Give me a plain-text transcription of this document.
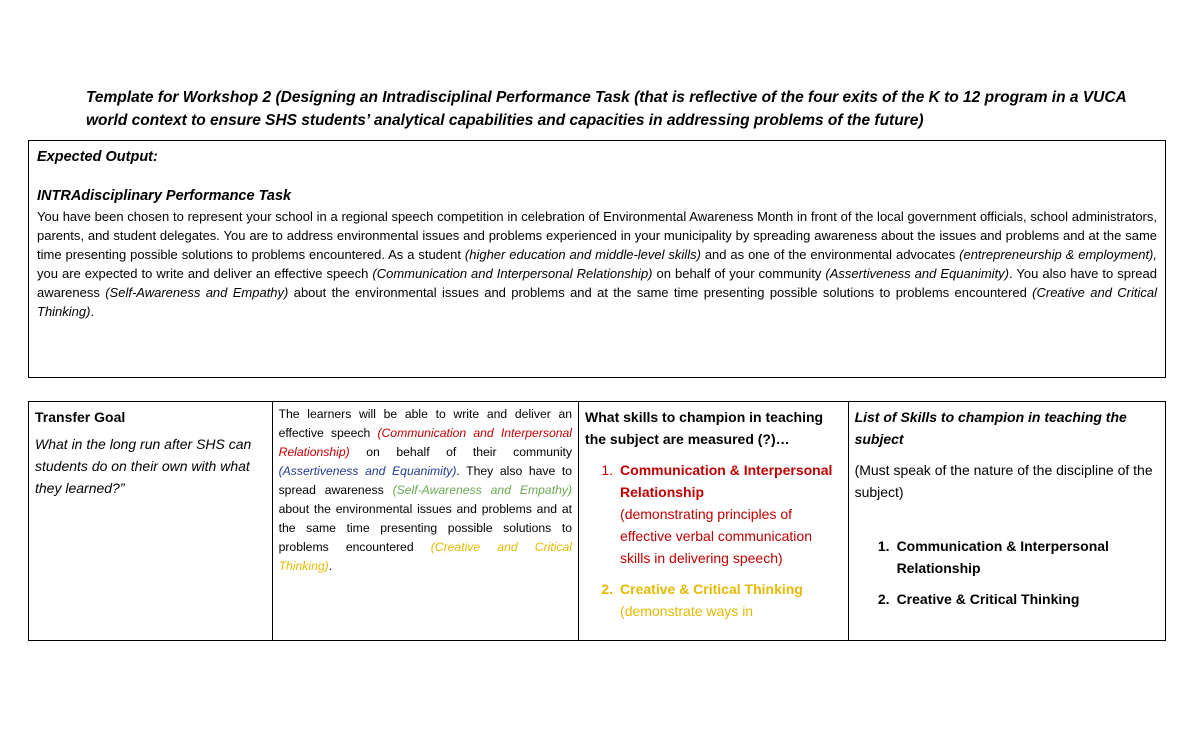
Template for Workshop 2 (Designing an Intradisciplinal Performance Task (that is reflective of the four exits of the K to 12 program in a VUCA world context to ensure SHS students’ analytical capabilities and capacities in addressing problems of the future)
Expected Output:
INTRAdisciplinary Performance Task
You have been chosen to represent your school in a regional speech competition in celebration of Environmental Awareness Month in front of the local government officials, school administrators, parents, and student delegates. You are to address environmental issues and problems experienced in your municipality by spreading awareness about the issues and problems and at the same time presenting possible solutions to problems encountered. As a student (higher education and middle-level skills) and as one of the environmental advocates (entrepreneurship & employment), you are expected to write and deliver an effective speech (Communication and Interpersonal Relationship) on behalf of your community (Assertiveness and Equanimity). You also have to spread awareness (Self-Awareness and Empathy) about the environmental issues and problems and at the same time presenting possible solutions to problems encountered (Creative and Critical Thinking).
Transfer Goal
What in the long run after SHS can students do on their own with what they learned?”
The learners will be able to write and deliver an effective speech (Communication and Interpersonal Relationship) on behalf of their community (Assertiveness and Equanimity). They also have to spread awareness (Self-Awareness and Empathy) about the environmental issues and problems and at the same time presenting possible solutions to problems encountered (Creative and Critical Thinking).
What skills to champion in teaching the subject are measured (?)…
1. Communication & Interpersonal Relationship
(demonstrating principles of effective verbal communication skills in delivering speech)
2. Creative & Critical Thinking
(demonstrate ways in
List of Skills to champion in teaching the subject
(Must speak of the nature of the discipline of the subject)
1. Communication & Interpersonal Relationship
2. Creative & Critical Thinking
